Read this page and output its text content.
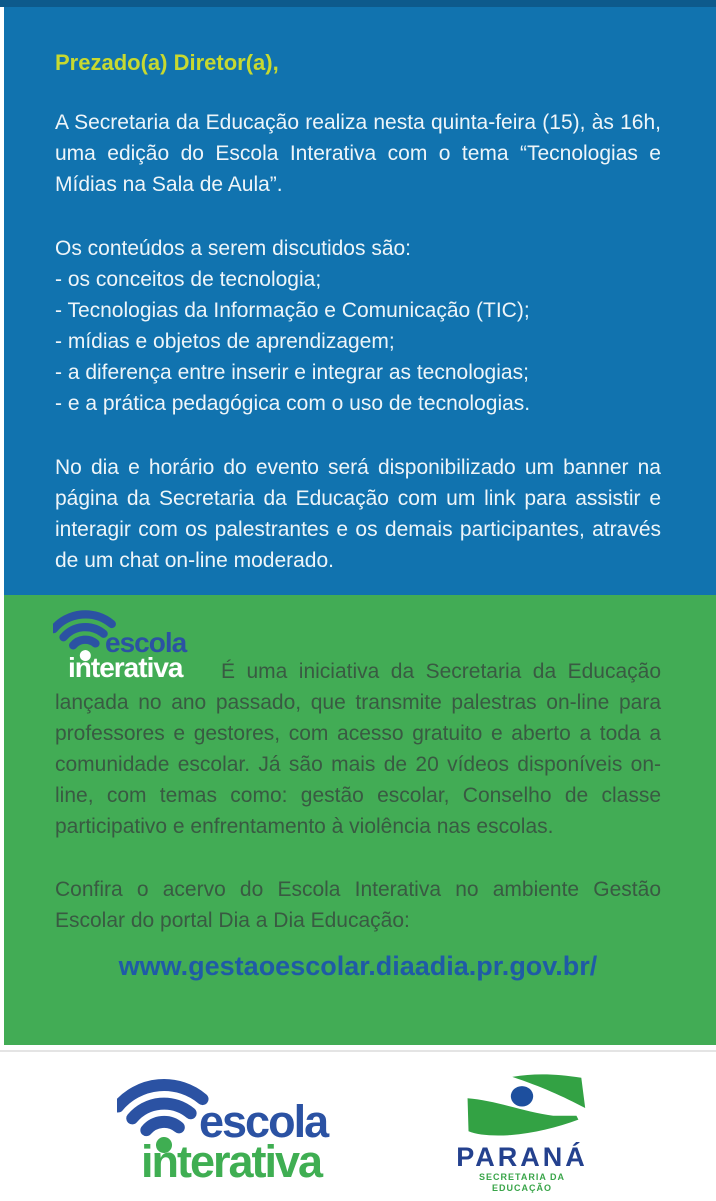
Prezado(a) Diretor(a),

A Secretaria da Educação realiza nesta quinta-feira (15), às 16h, uma edição do Escola Interativa com o tema “Tecnologias e Mídias na Sala de Aula”.

Os conteúdos a serem discutidos são:
- os conceitos de tecnologia;
- Tecnologias da Informação e Comunicação (TIC);
- mídias e objetos de aprendizagem;
- a diferença entre inserir e integrar as tecnologias;
- e a prática pedagógica com o uso de tecnologias.

No dia e horário do evento será disponibilizado um banner na página da Secretaria da Educação com um link para assistir e interagir com os palestrantes e os demais participantes, através de um chat on-line moderado.

escola
interativa É uma iniciativa da Secretaria da Educação lançada no ano passado, que transmite palestras on-line para professores e gestores, com acesso gratuito e aberto a toda a comunidade escolar. Já são mais de 20 vídeos disponíveis on-line, com temas como: gestão escolar, Conselho de classe participativo e enfrentamento à violência nas escolas.

Confira o acervo do Escola Interativa no ambiente Gestão Escolar do portal Dia a Dia Educação:

www.gestaoescolar.diaadia.pr.gov.br/
escola
interativa	PARANÁ
SECRETARIA DA EDUCAÇÃO
